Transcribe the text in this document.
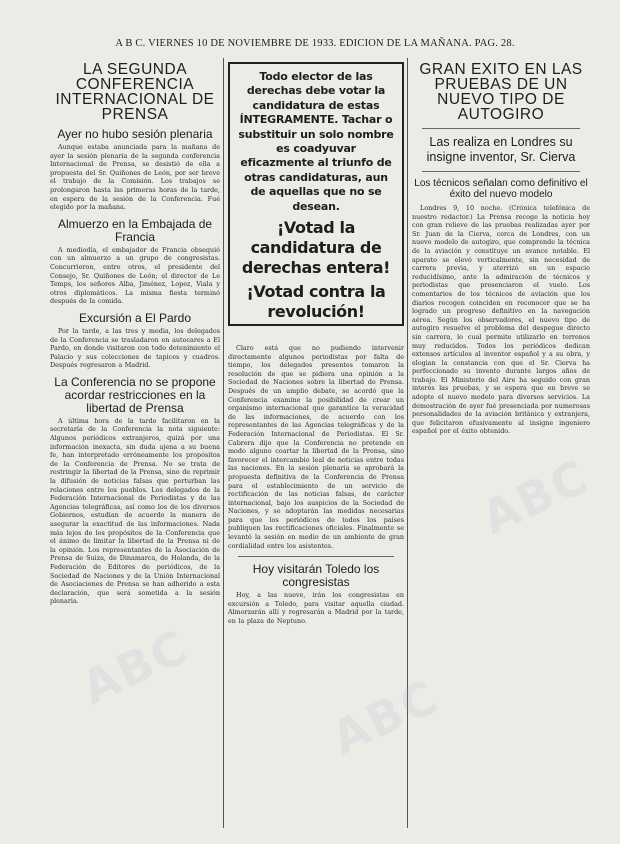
A B C. VIERNES 10 DE NOVIEMBRE DE 1933. EDICION DE LA MAÑANA. PAG. 28.
LA SEGUNDA CONFERENCIA INTERNACIONAL DE PRENSA
Ayer no hubo sesión plenaria

Aunque estaba anunciada para la mañana de ayer la sesión plenaria de la segunda conferencia Internacional de Prensa, se desistió de ella a propuesta del Sr. Quiñones de León, por ser breve el trabajo de la Comisión. Los trabajos se prolongaron hasta las primeras horas de la tarde, en espera de la sesión de la Conferencia. Fué elegido por la mañana.

Almuerzo en la Embajada de Francia

A mediodía, el embajador de Francia obsequió con un almuerzo a un grupo de congresistas. Concurrieron, entre otros, el presidente del Consejo, Sr. Quiñones de León; el director de Le Temps, los señores Alba, Jiménez, Lopez, Viala y otros diplomáticos. La misma fiesta terminó después de la comida.

Excursión a El Pardo

Por la tarde, a las tres y media, los delegados de la Conferencia se trasladaron en autocares a El Pardo, en donde visitaron con todo detenimiento el Palacio y sus colecciones de tapices y cuadros. Después regresaron a Madrid.

La Conferencia no se propone acordar restricciones en la libertad de Prensa

A última hora de la tarde facilitaron en la secretaría de la Conferencia la nota siguiente: Algunos periódicos extranjeros, quizá por una información inexacta, sin duda ajena a su buena fe, han interpretado erróneamente los propósitos de la Conferencia de Prensa. No se trata de restringir la libertad de la Prensa, sino de reprimir la difusión de noticias falsas que perturban las relaciones entre los pueblos. Los delegados de la Federación Internacional de Periodistas y de las Agencias telegráficas, así como los de los diversos Gobiernos, estudian de acuerdo la manera de asegurar la exactitud de las informaciones. Nada más lejos de los propósitos de la Conferencia que el ánimo de limitar la libertad de la Prensa ni de la opinión. Los representantes de la Asociación de Prensa de Suiza, de Dinamarca, de Holanda, de la Federación de Editores de periódicos, de la Sociedad de Naciones y de la Unión Internacional de Asociaciones de Prensa se han adherido a esta declaración, que será sometida a la sesión plenaria.

Todo elector de las derechas debe votar la candidatura de estas ÍNTEGRAMENTE. Tachar o substituir un solo nombre es coadyuvar eficazmente al triunfo de otras candidaturas, aun de aquellas que no se desean.

¡Votad la candidatura de derechas entera!

¡Votad contra la revolución!

Claro está que no pudiendo intervenir directamente algunos periodistas por falta de tiempo, los delegados presentes tomaron la resolución de que se pidiera una opinión a la Sociedad de Naciones sobre la libertad de Prensa. Después de un amplio debate, se acordó que la Conferencia examine la posibilidad de crear un organismo internacional que garantice la veracidad de las informaciones, de acuerdo con los representantes de las Agencias telegráficas y de la Federación Internacional de Periodistas. El Sr. Cabrera dijo que la Conferencia no pretende en modo alguno coartar la libertad de la Prensa, sino favorecer el intercambio leal de noticias entre todas las naciones. En la sesión plenaria se aprobará la propuesta definitiva de la Conferencia de Prensa para el establecimiento de un servicio de rectificación de las noticias falsas, de carácter internacional, bajo los auspicios de la Sociedad de Naciones, y se adoptarán las medidas necesarias para que los periódicos de todos los países publiquen las rectificaciones oficiales. Finalmente se levantó la sesión en medio de un ambiente de gran cordialidad entre los asistentes.

Hoy visitarán Toledo los congresistas

Hoy, a las nueve, irán los congresistas en excursión a Toledo, para visitar aquella ciudad. Almorzarán allí y regresarán a Madrid por la tarde, en la plaza de Neptuno.

GRAN EXITO EN LAS PRUEBAS DE UN NUEVO TIPO DE AUTOGIRO
Las realiza en Londres su insigne inventor, Sr. Cierva
Los técnicos señalan como definitivo el éxito del nuevo modelo

Londres 9, 10 noche. (Crónica telefónica de nuestro redactor.) La Prensa recoge la noticia hoy con gran relieve de las pruebas realizadas ayer por Sr. Juan de la Cierva, cerca de Londres, con un nuevo modelo de autogiro, que comprende la técnica de la aviación y constituye un avance notable. El aparato se elevó verticalmente, sin necesidad de carrera previa, y aterrizó en un espacio reducidísimo, ante la admiración de técnicos y periodistas que presenciaron el vuelo. Los comentarios de los técnicos de aviación que los diarios recogen coinciden en reconocer que se ha logrado un progreso definitivo en la navegación aérea. Según los observadores, el nuevo tipo de autogiro resuelve el problema del despegue directo sin carrera, lo cual permite utilizarlo en terrenos muy reducidos. Todos los periódicos dedican extensos artículos al inventor español y a su obra, y elogian la constancia con que el Sr. Cierva ha perfeccionado su invento durante largos años de trabajo. El Ministerio del Aire ha seguido con gran interés las pruebas, y se espera que en breve se adopte el nuevo modelo para diversos servicios. La demostración de ayer fué presenciada por numerosas personalidades de la aviación británica y extranjera, que felicitaron efusivamente al insigne ingeniero español por el éxito obtenido.

ABC
ABC
ABC
